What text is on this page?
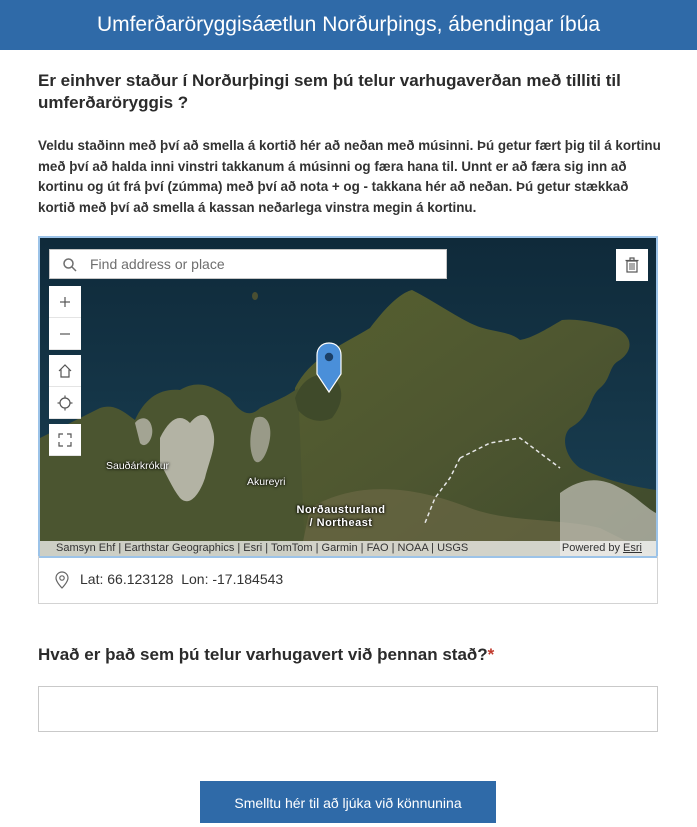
Umferðaröryggisáætlun Norðurþings, ábendingar íbúa
Er einhver staður í Norðurþingi sem þú telur varhugaverðan með tilliti til umferðaröryggis ?
Veldu staðinn með því að smella á kortið hér að neðan með músinni. Þú getur fært þig til á kortinu með því að halda inni vinstri takkanum á músinni og færa hana til. Unnt er að færa sig inn að kortinu og út frá því (zúmma) með því að nota + og - takkana hér að neðan. Þú getur stækkað kortið með því að smella á kassan neðarlega vinstra megin á kortinu.
Find address or place
Sauðárkrókur
Akureyri
Norðausturland
/ Northeast
Samsyn Ehf | Earthstar Geographics | Esri | TomTom | Garmin | FAO | NOAA | USGS	Powered by Esri
Lat: 66.123128 Lon: -17.184543
Hvað er það sem þú telur varhugavert við þennan stað?*
Smelltu hér til að ljúka við könnunina
